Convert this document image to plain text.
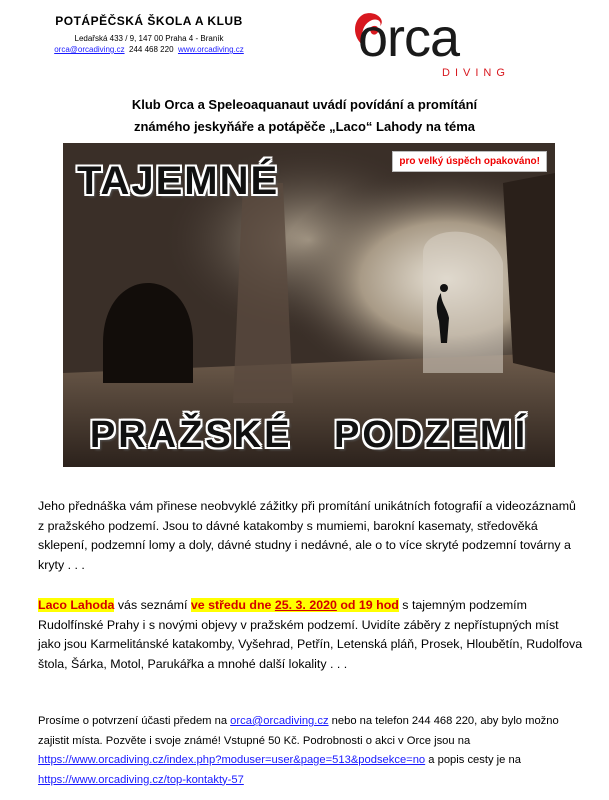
POTÁPĚČSKÁ ŠKOLA A KLUB
Ledařská 433 / 9, 147 00 Praha 4 - Braník
orca@orcadiving.cz 244 468 220 www.orcadiving.cz orca
DIVING
Klub Orca a Speleoaquanaut uvádí povídání a promítání
známého jeskyňáře a potápěče „Laco“ Lahody na téma
TAJEMNÉ	pro velký úspěch opakováno!
PRAŽSKÉ PODZEMÍ
Jeho přednáška vám přinese neobvyklé zážitky při promítání unikátních fotografií a videozáznamů z pražského podzemí. Jsou to dávné katakomby s mumiemi, barokní kasematy, středověká sklepení, podzemní lomy a doly, dávné studny i nedávné, ale o to více skryté podzemní továrny a kryty . . .
Laco Lahoda vás seznámí ve středu dne 25. 3. 2020 od 19 hod s tajemným podzemím Rudolfínské Prahy i s novými objevy v pražském podzemí. Uvidíte záběry z nepřístupných míst jako jsou Karmelitánské katakomby, Vyšehrad, Petřín, Letenská pláň, Prosek, Hloubětín, Rudolfova štola, Šárka, Motol, Parukářka a mnohé další lokality . . .
Prosíme o potvrzení účasti předem na orca@orcadiving.cz nebo na telefon 244 468 220, aby bylo možno zajistit místa. Pozvěte i svoje známé! Vstupné 50 Kč. Podrobnosti o akci v Orce jsou na https://www.orcadiving.cz/index.php?moduser=user&page=513&podsekce=no a popis cesty je na https://www.orcadiving.cz/top-kontakty-57
